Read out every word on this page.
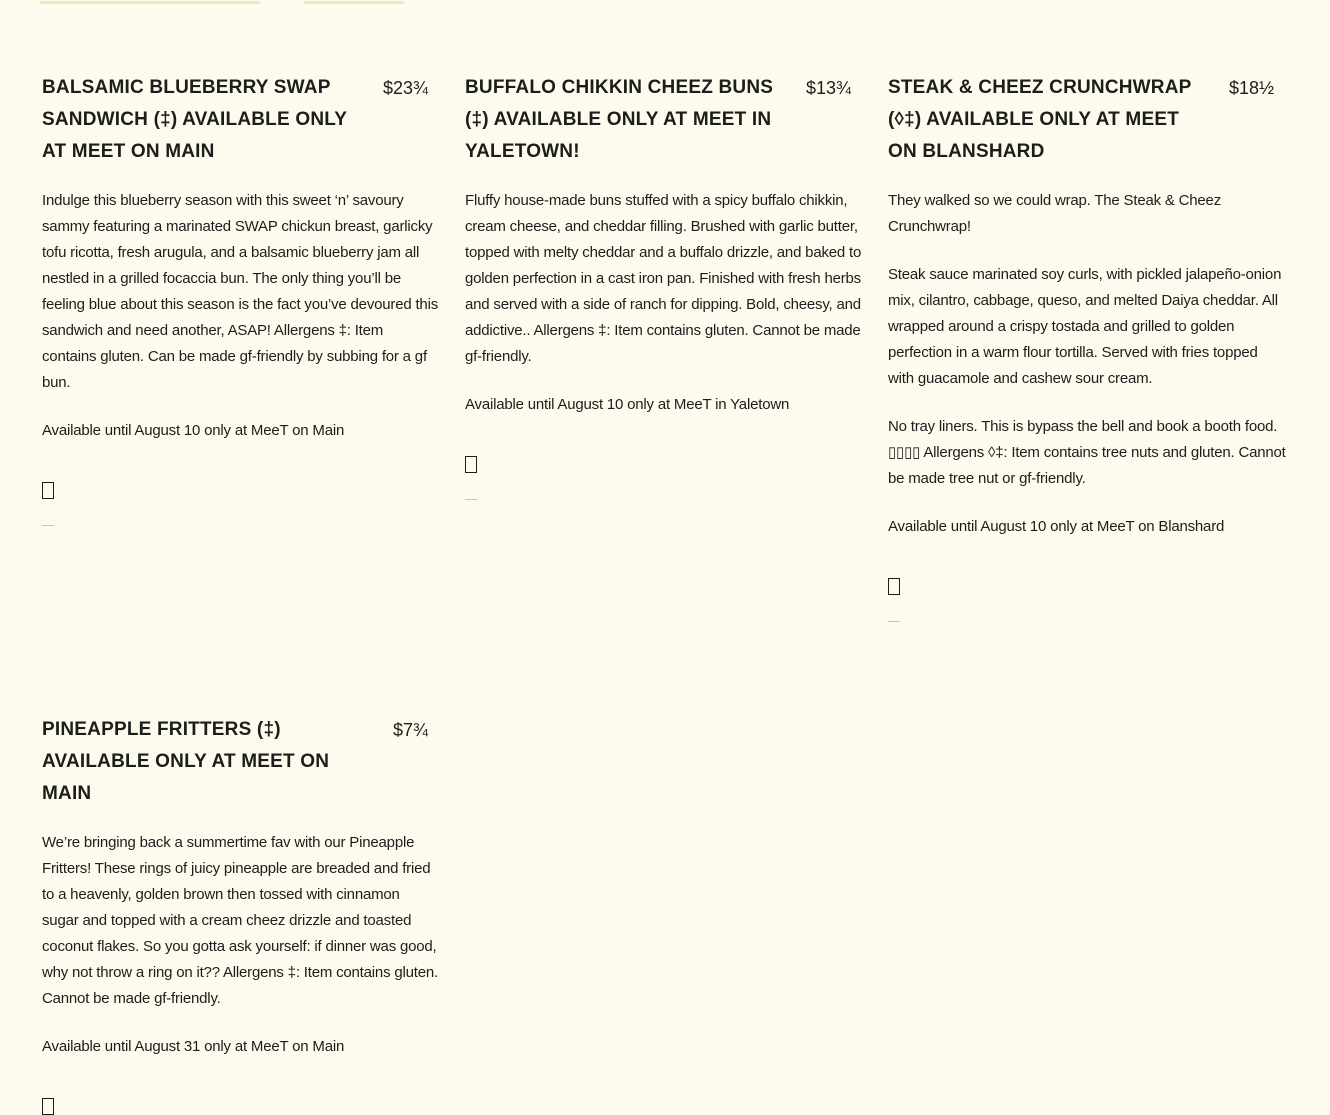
BALSAMIC BLUEBERRY SWAP SANDWICH (‡) AVAILABLE ONLY AT MEET ON MAIN
$23¾

Indulge this blueberry season with this sweet ‘n’ savoury sammy featuring a marinated SWAP chickun breast, garlicky tofu ricotta, fresh arugula, and a balsamic blueberry jam all nestled in a grilled focaccia bun. The only thing you’ll be feeling blue about this season is the fact you’ve devoured this sandwich and need another, ASAP! Allergens ‡: Item contains gluten. Can be made gf-friendly by subbing for a gf bun.

Available until August 10 only at MeeT on Main

BUFFALO CHIKKIN CHEEZ BUNS (‡) AVAILABLE ONLY AT MEET IN YALETOWN!
$13¾

Fluffy house-made buns stuffed with a spicy buffalo chikkin, cream cheese, and cheddar filling. Brushed with garlic butter, topped with melty cheddar and a buffalo drizzle, and baked to golden perfection in a cast iron pan. Finished with fresh herbs and served with a side of ranch for dipping. Bold, cheesy, and addictive.. Allergens ‡: Item contains gluten. Cannot be made gf-friendly.

Available until August 10 only at MeeT in Yaletown

STEAK & CHEEZ CRUNCHWRAP (◊‡) AVAILABLE ONLY AT MEET ON BLANSHARD
$18½

They walked so we could wrap. The Steak & Cheez Crunchwrap!

Steak sauce marinated soy curls, with pickled jalapeño-onion mix, cilantro, cabbage, queso, and melted Daiya cheddar. All wrapped around a crispy tostada and grilled to golden perfection in a warm flour tortilla. Served with fries topped with guacamole and cashew sour cream.

No tray liners. This is bypass the bell and book a booth food. ▯▯▯▯ Allergens ◊‡: Item contains tree nuts and gluten. Cannot be made tree nut or gf-friendly.

Available until August 10 only at MeeT on Blanshard

PINEAPPLE FRITTERS (‡) AVAILABLE ONLY AT MEET ON MAIN
$7¾

We’re bringing back a summertime fav with our Pineapple Fritters! These rings of juicy pineapple are breaded and fried to a heavenly, golden brown then tossed with cinnamon sugar and topped with a cream cheez drizzle and toasted coconut flakes. So you gotta ask yourself: if dinner was good, why not throw a ring on it?? Allergens ‡: Item contains gluten. Cannot be made gf-friendly.

Available until August 31 only at MeeT on Main
